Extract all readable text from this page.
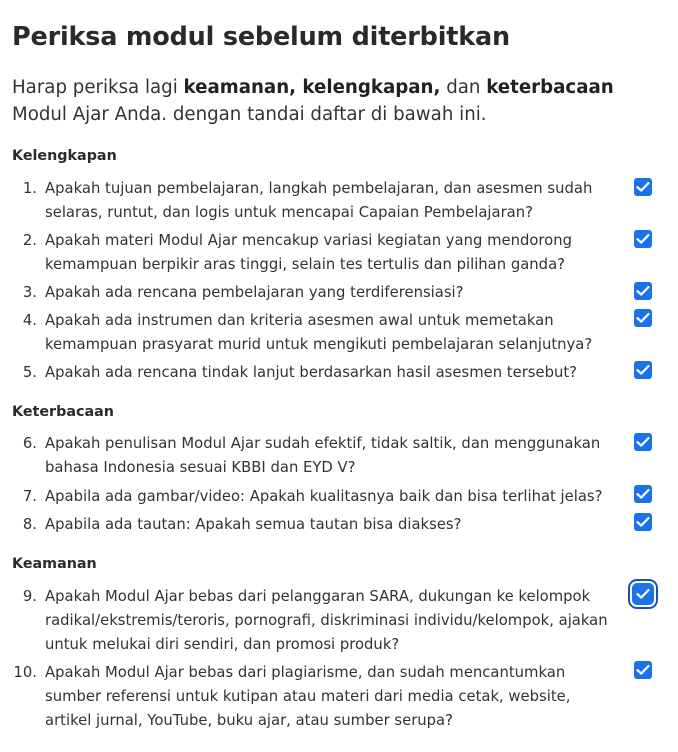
Periksa modul sebelum diterbitkan
Harap periksa lagi keamanan, kelengkapan, dan keterbacaan Modul Ajar Anda. dengan tandai daftar di bawah ini.
Kelengkapan
1. Apakah tujuan pembelajaran, langkah pembelajaran, dan asesmen sudah selaras, runtut, dan logis untuk mencapai Capaian Pembelajaran?
2. Apakah materi Modul Ajar mencakup variasi kegiatan yang mendorong kemampuan berpikir aras tinggi, selain tes tertulis dan pilihan ganda?
3. Apakah ada rencana pembelajaran yang terdiferensiasi?
4. Apakah ada instrumen dan kriteria asesmen awal untuk memetakan kemampuan prasyarat murid untuk mengikuti pembelajaran selanjutnya?
5. Apakah ada rencana tindak lanjut berdasarkan hasil asesmen tersebut?
Keterbacaan
6. Apakah penulisan Modul Ajar sudah efektif, tidak saltik, dan menggunakan bahasa Indonesia sesuai KBBI dan EYD V?
7. Apabila ada gambar/video: Apakah kualitasnya baik dan bisa terlihat jelas?
8. Apabila ada tautan: Apakah semua tautan bisa diakses?
Keamanan
9. Apakah Modul Ajar bebas dari pelanggaran SARA, dukungan ke kelompok radikal/ekstremis/teroris, pornografi, diskriminasi individu/kelompok, ajakan untuk melukai diri sendiri, dan promosi produk?
10. Apakah Modul Ajar bebas dari plagiarisme, dan sudah mencantumkan sumber referensi untuk kutipan atau materi dari media cetak, website, artikel jurnal, YouTube, buku ajar, atau sumber serupa?
